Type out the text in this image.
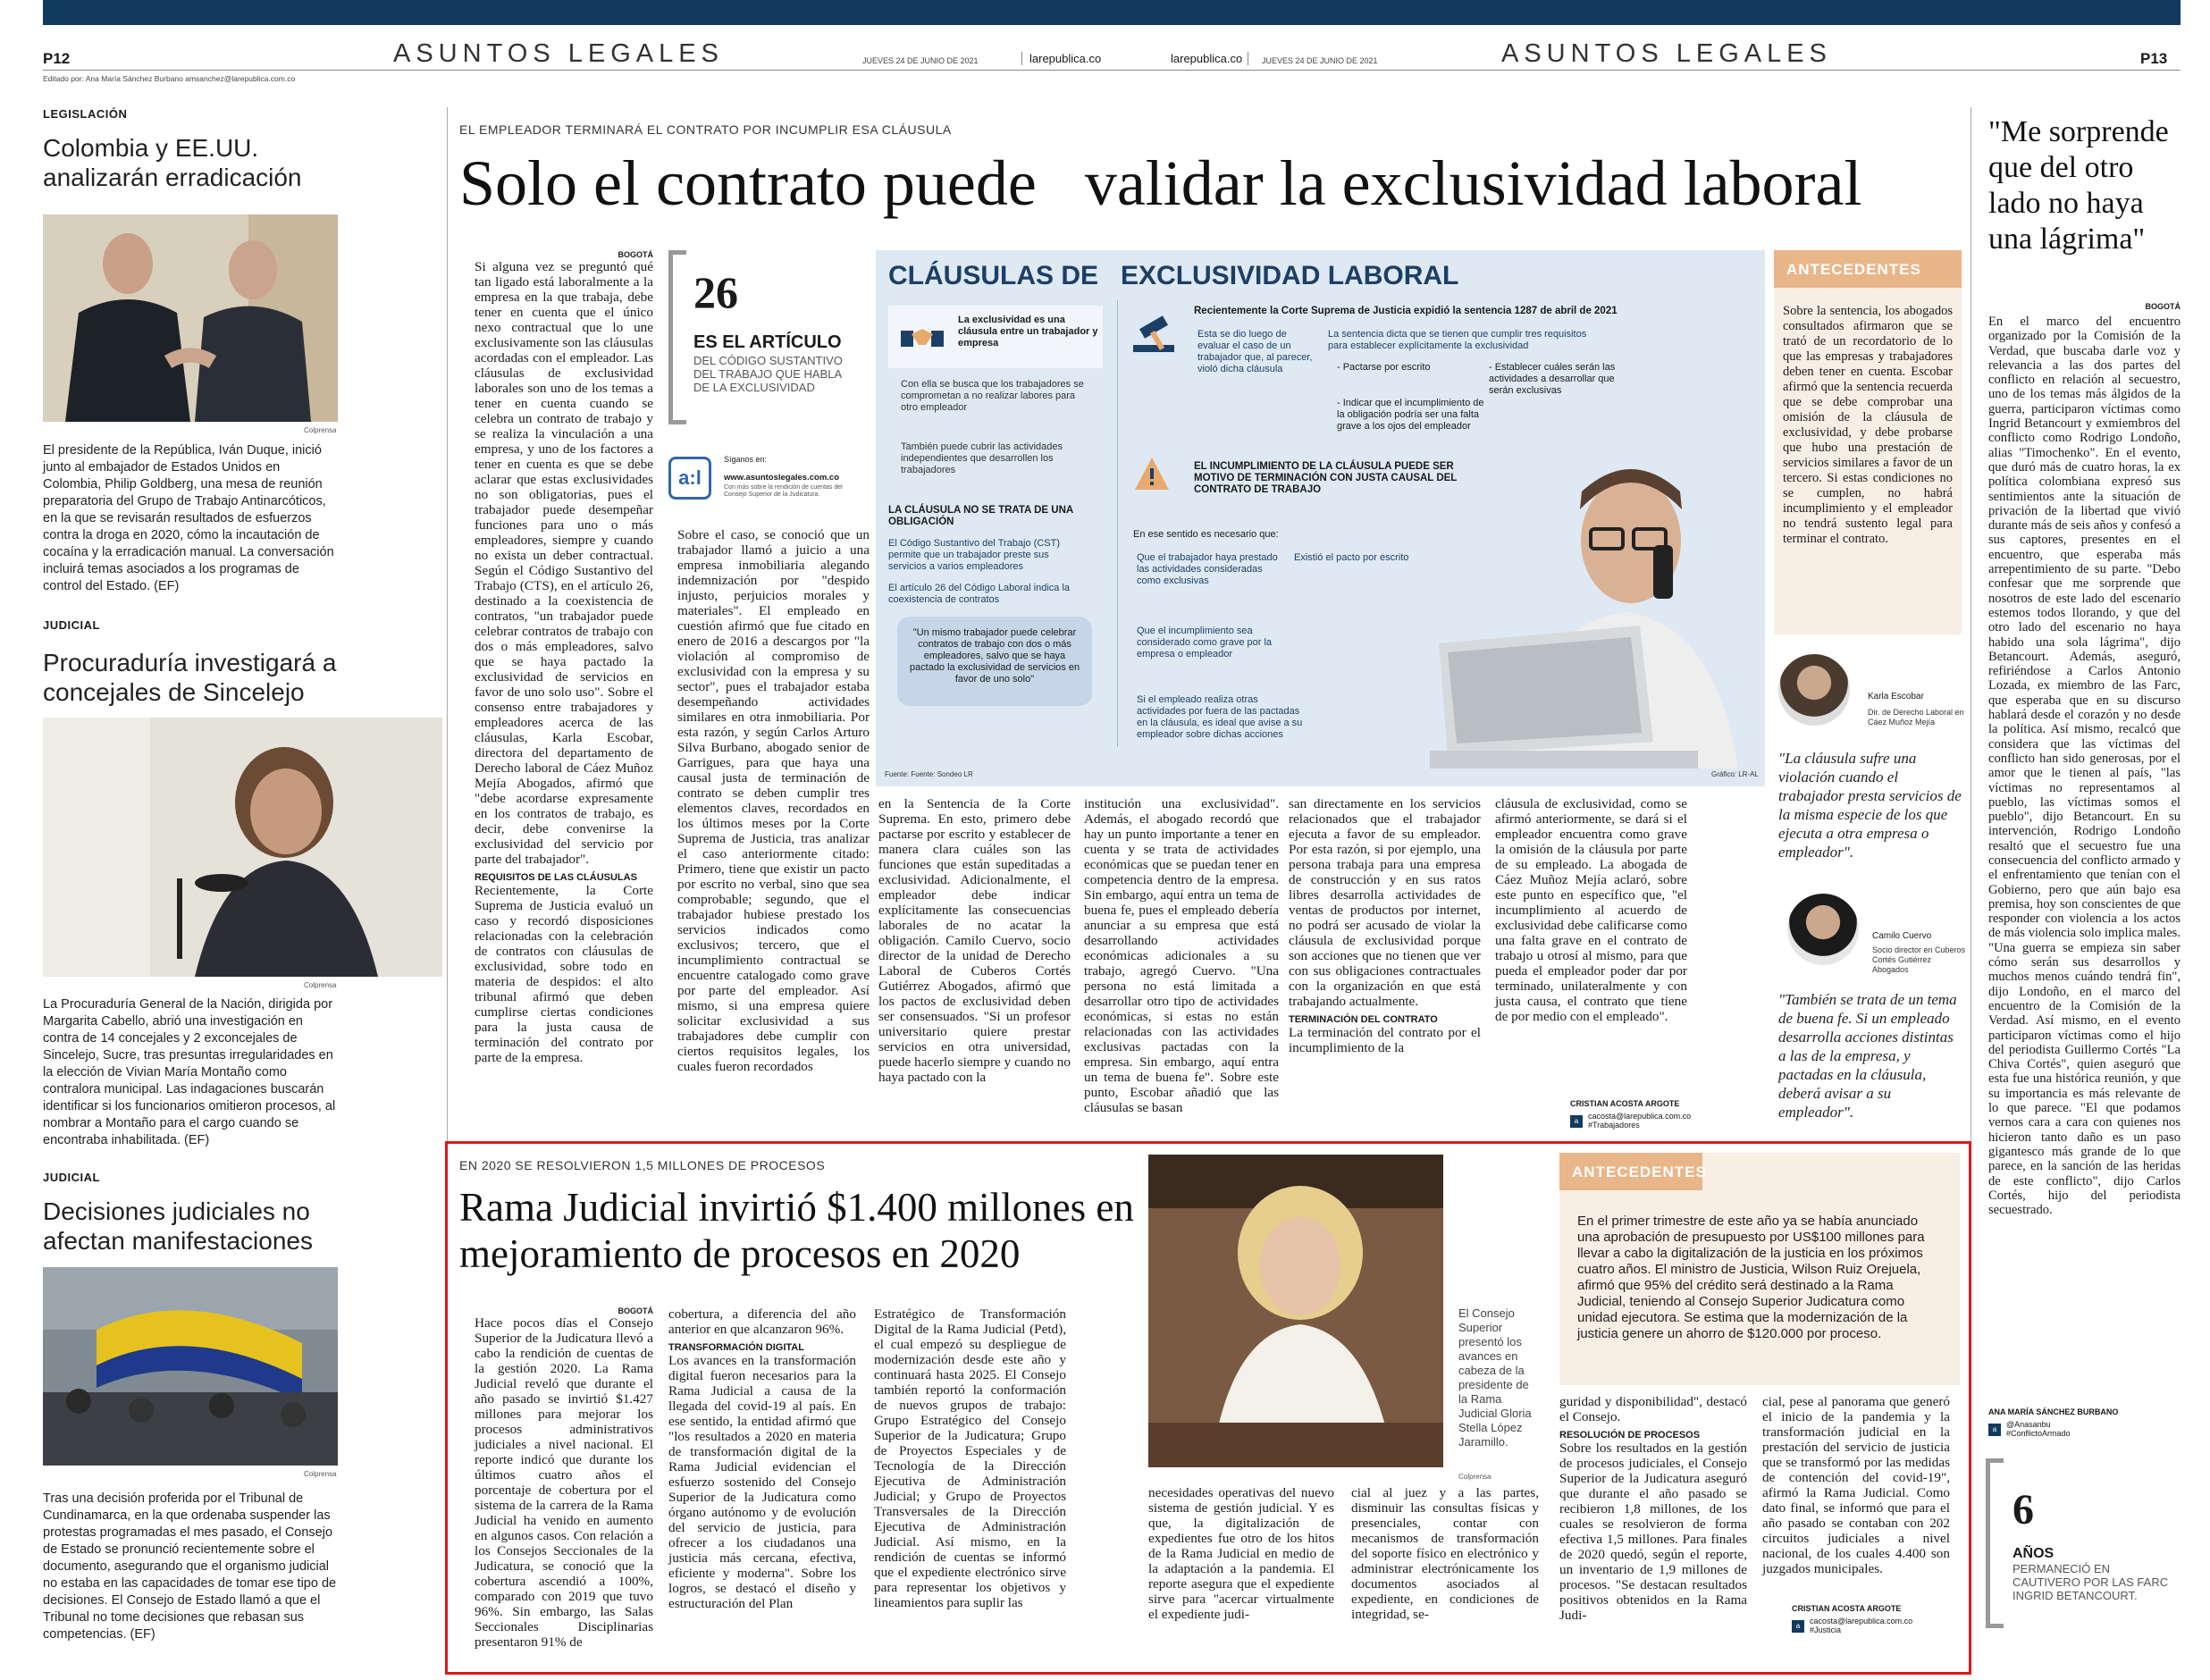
P12	ASUNTOS LEGALES	JUEVES 24 DE JUNIO DE 2021	larepublica.co	larepublica.co	JUEVES 24 DE JUNIO DE 2021	ASUNTOS LEGALES	P13
Editado por: Ana María Sánchez Burbano amsanchez@larepublica.com.co
LEGISLACIÓN
Colombia y EE.UU. analizarán erradicación
Colprensa
El presidente de la República, Iván Duque, inició junto al embajador de Estados Unidos en Colombia, Philip Goldberg, una mesa de reunión preparatoria del Grupo de Trabajo Antinarcóticos, en la que se revisarán resultados de esfuerzos contra la droga en 2020, cómo la incautación de cocaína y la erradicación manual. La conversación incluirá temas asociados a los programas de control del Estado. (EF)
JUDICIAL
Procuraduría investigará a concejales de Sincelejo
Colprensa
La Procuraduría General de la Nación, dirigida por Margarita Cabello, abrió una investigación en contra de 14 concejales y 2 exconcejales de Sincelejo, Sucre, tras presuntas irregularidades en la elección de Vivian María Montaño como contralora municipal. Las indagaciones buscarán identificar si los funcionarios omitieron procesos, al nombrar a Montaño para el cargo cuando se encontraba inhabilitada. (EF)
JUDICIAL
Decisiones judiciales no afectan manifestaciones
Colprensa
Tras una decisión proferida por el Tribunal de Cundinamarca, en la que ordenaba suspender las protestas programadas el mes pasado, el Consejo de Estado se pronunció recientemente sobre el documento, asegurando que el organismo judicial no estaba en las capacidades de tomar ese tipo de decisiones. El Consejo de Estado llamó a que el Tribunal no tome decisiones que rebasan sus competencias. (EF)
EL EMPLEADOR TERMINARÁ EL CONTRATO POR INCUMPLIR ESA CLÁUSULA
Solo el contrato puede   validar la exclusividad laboral
BOGOTÁ
Si alguna vez se preguntó qué tan ligado está laboralmente a la empresa en la que trabaja, debe tener en cuenta que el único nexo contractual que lo une exclusivamente son las cláusulas acordadas con el empleador. Las cláusulas de exclusividad laborales son uno de los temas a tener en cuenta cuando se celebra un contrato de trabajo y se realiza la vinculación a una empresa, y uno de los factores a tener en cuenta es que se debe aclarar que estas exclusividades no son obligatorias, pues el trabajador puede desempeñar funciones para uno o más empleadores, siempre y cuando no exista un deber contractual. Según el Código Sustantivo del Trabajo (CTS), en el artículo 26, destinado a la coexistencia de contratos, "un trabajador puede celebrar contratos de trabajo con dos o más empleadores, salvo que se haya pactado la exclusividad de servicios en favor de uno solo uso". Sobre el consenso entre trabajadores y empleadores acerca de las cláusulas, Karla Escobar, directora del departamento de Derecho laboral de Cáez Muñoz Mejía Abogados, afirmó que "debe acordarse expresamente en los contratos de trabajo, es decir, debe convenirse la exclusividad del servicio por parte del trabajador".
REQUISITOS DE LAS CLÁUSULAS
Recientemente, la Corte Suprema de Justicia evaluó un caso y recordó disposiciones relacionadas con la celebración de contratos con cláusulas de exclusividad, sobre todo en materia de despidos: el alto tribunal afirmó que deben cumplirse ciertas condiciones para la justa causa de terminación del contrato por parte de la empresa.
26
ES EL ARTÍCULO
DEL CÓDIGO SUSTANTIVO DEL TRABAJO QUE HABLA DE LA EXCLUSIVIDAD
a:l
Síganos en:
www.asuntoslegales.com.co
Con más sobre la rendición de cuentas del Consejo Superior de la Judicatura.
Sobre el caso, se conoció que un trabajador llamó a juicio a una empresa inmobiliaria alegando indemnización por "despido injusto, perjuicios morales y materiales". El empleado en cuestión afirmó que fue citado en enero de 2016 a descargos por "la violación al compromiso de exclusividad con la empresa y su sector", pues el trabajador estaba desempeñando actividades similares en otra inmobiliaria. Por esta razón, y según Carlos Arturo Silva Burbano, abogado senior de Garrigues, para que haya una causal justa de terminación de contrato se deben cumplir tres elementos claves, recordados en los últimos meses por la Corte Suprema de Justicia, tras analizar el caso anteriormente citado: Primero, tiene que existir un pacto por escrito no verbal, sino que sea comprobable; segundo, que el trabajador hubiese prestado los servicios indicados como exclusivos; tercero, que el incumplimiento contractual se encuentre catalogado como grave por parte del empleador. Así mismo, si una empresa quiere solicitar exclusividad a sus trabajadores debe cumplir con ciertos requisitos legales, los cuales fueron recordados
en la Sentencia de la Corte Suprema. En esto, primero debe pactarse por escrito y establecer de manera clara cuáles son las funciones que están supeditadas a exclusividad. Adicionalmente, el empleador debe indicar explícitamente las consecuencias laborales de no acatar la obligación. Camilo Cuervo, socio director de la unidad de Derecho Laboral de Cuberos Cortés Gutiérrez Abogados, afirmó que los pactos de exclusividad deben ser consensuados. "Si un profesor universitario quiere prestar servicios en otra universidad, puede hacerlo siempre y cuando no haya pactado con la
institución una exclusividad". Además, el abogado recordó que hay un punto importante a tener en cuenta y se trata de actividades económicas que se puedan tener en competencia dentro de la empresa. Sin embargo, aquí entra un tema de buena fe, pues el empleado debería anunciar a su empresa que está desarrollando actividades económicas adicionales a su trabajo, agregó Cuervo. "Una persona no está limitada a desarrollar otro tipo de actividades económicas, si estas no están relacionadas con las actividades exclusivas pactadas con la empresa. Sin embargo, aquí entra un tema de buena fe". Sobre este punto, Escobar añadió que las cláusulas se basan
san directamente en los servicios relacionados que el trabajador ejecuta a favor de su empleador. Por esta razón, si por ejemplo, una persona trabaja para una empresa de construcción y en sus ratos libres desarrolla actividades de ventas de productos por internet, no podrá ser acusado de violar la cláusula de exclusividad porque son acciones que no tienen que ver con sus obligaciones contractuales con la organización en que está trabajando actualmente.
TERMINACIÓN DEL CONTRATO
La terminación del contrato por el incumplimiento de la
cláusula de exclusividad, como se afirmó anteriormente, se dará si el empleador encuentra como grave la omisión de la cláusula por parte de su empleado. La abogada de Cáez Muñoz Mejía aclaró, sobre este punto en específico que, "el incumplimiento al acuerdo de exclusividad debe calificarse como una falta grave en el contrato de trabajo u otrosí al mismo, para que pueda el empleador poder dar por terminado, unilateralmente y con justa causa, el contrato que tiene de por medio con el empleado".
CRISTIAN ACOSTA ARGOTE
a
cacosta@larepublica.com.co
#Trabajadores
CLÁUSULAS DE   EXCLUSIVIDAD LABORAL
La exclusividad es una cláusula entre un trabajador y empresa
Con ella se busca que los trabajadores se comprometan a no realizar labores para otro empleador
También puede cubrir las actividades independientes que desarrollen los trabajadores
LA CLÁUSULA NO SE TRATA DE UNA OBLIGACIÓN
El Código Sustantivo del Trabajo (CST) permite que un trabajador preste sus servicios a varios empleadores
El artículo 26 del Código Laboral indica la coexistencia de contratos
"Un mismo trabajador puede celebrar contratos de trabajo con dos o más empleadores, salvo que se haya pactado la exclusividad de servicios en favor de uno solo"
Recientemente la Corte Suprema de Justicia expidió la sentencia 1287 de abril de 2021
Esta se dio luego de evaluar el caso de un trabajador que, al parecer, violó dicha cláusula
La sentencia dicta que se tienen que cumplir tres requisitos para establecer explícitamente la exclusividad
- Pactarse por escrito	- Establecer cuáles serán las actividades a desarrollar que serán exclusivas
- Indicar que el incumplimiento de la obligación podría ser una falta grave a los ojos del empleador
EL INCUMPLIMIENTO DE LA CLÁUSULA PUEDE SER MOTIVO DE TERMINACIÓN CON JUSTA CAUSAL DEL CONTRATO DE TRABAJO
En ese sentido es necesario que:
Que el trabajador haya prestado las actividades consideradas como exclusivas
Existió el pacto por escrito
Que el incumplimiento sea considerado como grave por la empresa o empleador
Si el empleado realiza otras actividades por fuera de las pactadas en la cláusula, es ideal que avise a su empleador sobre dichas acciones
Fuente: Fuente: Sondeo LR	Gráfico: LR-AL
ANTECEDENTES
Sobre la sentencia, los abogados consultados afirmaron que se trató de un recordatorio de lo que las empresas y trabajadores deben tener en cuenta. Escobar afirmó que la sentencia recuerda que se debe comprobar una omisión de la cláusula de exclusividad, y debe probarse que hubo una prestación de servicios similares a favor de un tercero. Si estas condiciones no se cumplen, no habrá incumplimiento y el empleador no tendrá sustento legal para terminar el contrato.
Karla Escobar
Dir. de Derecho Laboral en Cáez Muñoz Mejía
"La cláusula sufre una violación cuando el trabajador presta servicios de la misma especie de los que ejecuta a otra empresa o empleador".
Camilo Cuervo
Socio director en Cuberos Cortés Gutiérrez Abogados
"También se trata de un tema de buena fe. Si un empleado desarrolla acciones distintas a las de la empresa, y pactadas en la cláusula, deberá avisar a su empleador".
"Me sorprende que del otro lado no haya una lágrima"
BOGOTÁ
En el marco del encuentro organizado por la Comisión de la Verdad, que buscaba darle voz y relevancia a las dos partes del conflicto en relación al secuestro, uno de los temas más álgidos de la guerra, participaron víctimas como Ingrid Betancourt y exmiembros del conflicto como Rodrigo Londoño, alias "Timochenko". En el evento, que duró más de cuatro horas, la ex política colombiana expresó sus sentimientos ante la situación de privación de la libertad que vivió durante más de seis años y confesó a sus captores, presentes en el encuentro, que esperaba más arrepentimiento de su parte. "Debo confesar que me sorprende que nosotros de este lado del escenario estemos todos llorando, y que del otro lado del escenario no haya habido una sola lágrima", dijo Betancourt. Además, aseguró, refiriéndose a Carlos Antonio Lozada, ex miembro de las Farc, que esperaba que en su discurso hablará desde el corazón y no desde la política. Así mismo, recalcó que considera que las víctimas del conflicto han sido generosas, por el amor que le tienen al país, "las víctimas no representamos al pueblo, las víctimas somos el pueblo", dijo Betancourt. En su intervención, Rodrigo Londoño resaltó que el secuestro fue una consecuencia del conflicto armado y el enfrentamiento que tenían con el Gobierno, pero que aún bajo esa premisa, hoy son conscientes de que responder con violencia a los actos de más violencia solo implica males. "Una guerra se empieza sin saber cómo serán sus desarrollos y muchos menos cuándo tendrá fin", dijo Londoño, en el marco del encuentro de la Comisión de la Verdad. Así mismo, en el evento participaron víctimas como el hijo del periodista Guillermo Cortés "La Chiva Cortés", quien aseguró que esta fue una histórica reunión, y que su importancia es más relevante de lo que parece. "El que podamos vernos cara a cara con quienes nos hicieron tanto daño es un paso gigantesco más grande de lo que parece, en la sanción de las heridas de este conflicto", dijo Carlos Cortés, hijo del periodista secuestrado.
ANA MARÍA SÁNCHEZ BURBANO
a
@Anasanbu
#ConflictoArmado
6
AÑOS
PERMANECIÓ EN CAUTIVERO POR LAS FARC INGRID BETANCOURT.
EN 2020 SE RESOLVIERON 1,5 MILLONES DE PROCESOS
Rama Judicial invirtió $1.400 millones en mejoramiento de procesos en 2020
BOGOTÁ
Hace pocos días el Consejo Superior de la Judicatura llevó a cabo la rendición de cuentas de la gestión 2020. La Rama Judicial reveló que durante el año pasado se invirtió $1.427 millones para mejorar los procesos administrativos judiciales a nivel nacional. El reporte indicó que durante los últimos cuatro años el porcentaje de cobertura por el sistema de la carrera de la Rama Judicial ha venido en aumento en algunos casos. Con relación a los Consejos Seccionales de la Judicatura, se conoció que la cobertura ascendió a 100%, comparado con 2019 que tuvo 96%. Sin embargo, las Salas Seccionales Disciplinarias presentaron 91% de
cobertura, a diferencia del año anterior en que alcanzaron 96%.
TRANSFORMACIÓN DIGITAL
Los avances en la transformación digital fueron necesarios para la Rama Judicial a causa de la llegada del covid-19 al país. En ese sentido, la entidad afirmó que "los resultados a 2020 en materia de transformación digital de la Rama Judicial evidencian el esfuerzo sostenido del Consejo Superior de la Judicatura como órgano autónomo y de evolución del servicio de justicia, para ofrecer a los ciudadanos una justicia más cercana, efectiva, eficiente y moderna". Sobre los logros, se destacó el diseño y estructuración del Plan
Estratégico de Transformación Digital de la Rama Judicial (Petd), el cual empezó su despliegue de modernización desde este año y continuará hasta 2025. El Consejo también reportó la conformación de nuevos grupos de trabajo: Grupo Estratégico del Consejo Superior de la Judicatura; Grupo de Proyectos Especiales y de Tecnología de la Dirección Ejecutiva de Administración Judicial; y Grupo de Proyectos Transversales de la Dirección Ejecutiva de Administración Judicial. Así mismo, en la rendición de cuentas se informó que el expediente electrónico sirve para representar los objetivos y lineamientos para suplir las
El Consejo Superior presentó los avances en cabeza de la presidente de la Rama Judicial Gloria Stella López Jaramillo.
Colprensa
necesidades operativas del nuevo sistema de gestión judicial. Y es que, la digitalización de expedientes fue otro de los hitos de la Rama Judicial en medio de la adaptación a la pandemia. El reporte asegura que el expediente sirve para "acercar virtualmente el expediente judi-
cial al juez y a las partes, disminuir las consultas físicas y presenciales, contar con mecanismos de transformación del soporte físico en electrónico y administrar electrónicamente los documentos asociados al expediente, en condiciones de integridad, se-
ANTECEDENTES
En el primer trimestre de este año ya se había anunciado una aprobación de presupuesto por US$100 millones para llevar a cabo la digitalización de la justicia en los próximos cuatro años. El ministro de Justicia, Wilson Ruiz Orejuela, afirmó que 95% del crédito será destinado a la Rama Judicial, teniendo al Consejo Superior Judicatura como unidad ejecutora. Se estima que la modernización de la justicia genere un ahorro de $120.000 por proceso.
guridad y disponibilidad", destacó el Consejo.
RESOLUCIÓN DE PROCESOS
Sobre los resultados en la gestión de procesos judiciales, el Consejo Superior de la Judicatura aseguró que durante el año pasado se recibieron 1,8 millones, de los cuales se resolvieron de forma efectiva 1,5 millones. Para finales de 2020 quedó, según el reporte, un inventario de 1,9 millones de procesos. "Se destacan resultados positivos obtenidos en la Rama Judi-
cial, pese al panorama que generó el inicio de la pandemia y la transformación judicial en la prestación del servicio de justicia que se transformó por las medidas de contención del covid-19", afirmó la Rama Judicial. Como dato final, se informó que para el año pasado se contaban con 202 circuitos judiciales a nivel nacional, de los cuales 4.400 son juzgados municipales.
CRISTIAN ACOSTA ARGOTE
a
cacosta@larepublica.com.co
#Justicia
